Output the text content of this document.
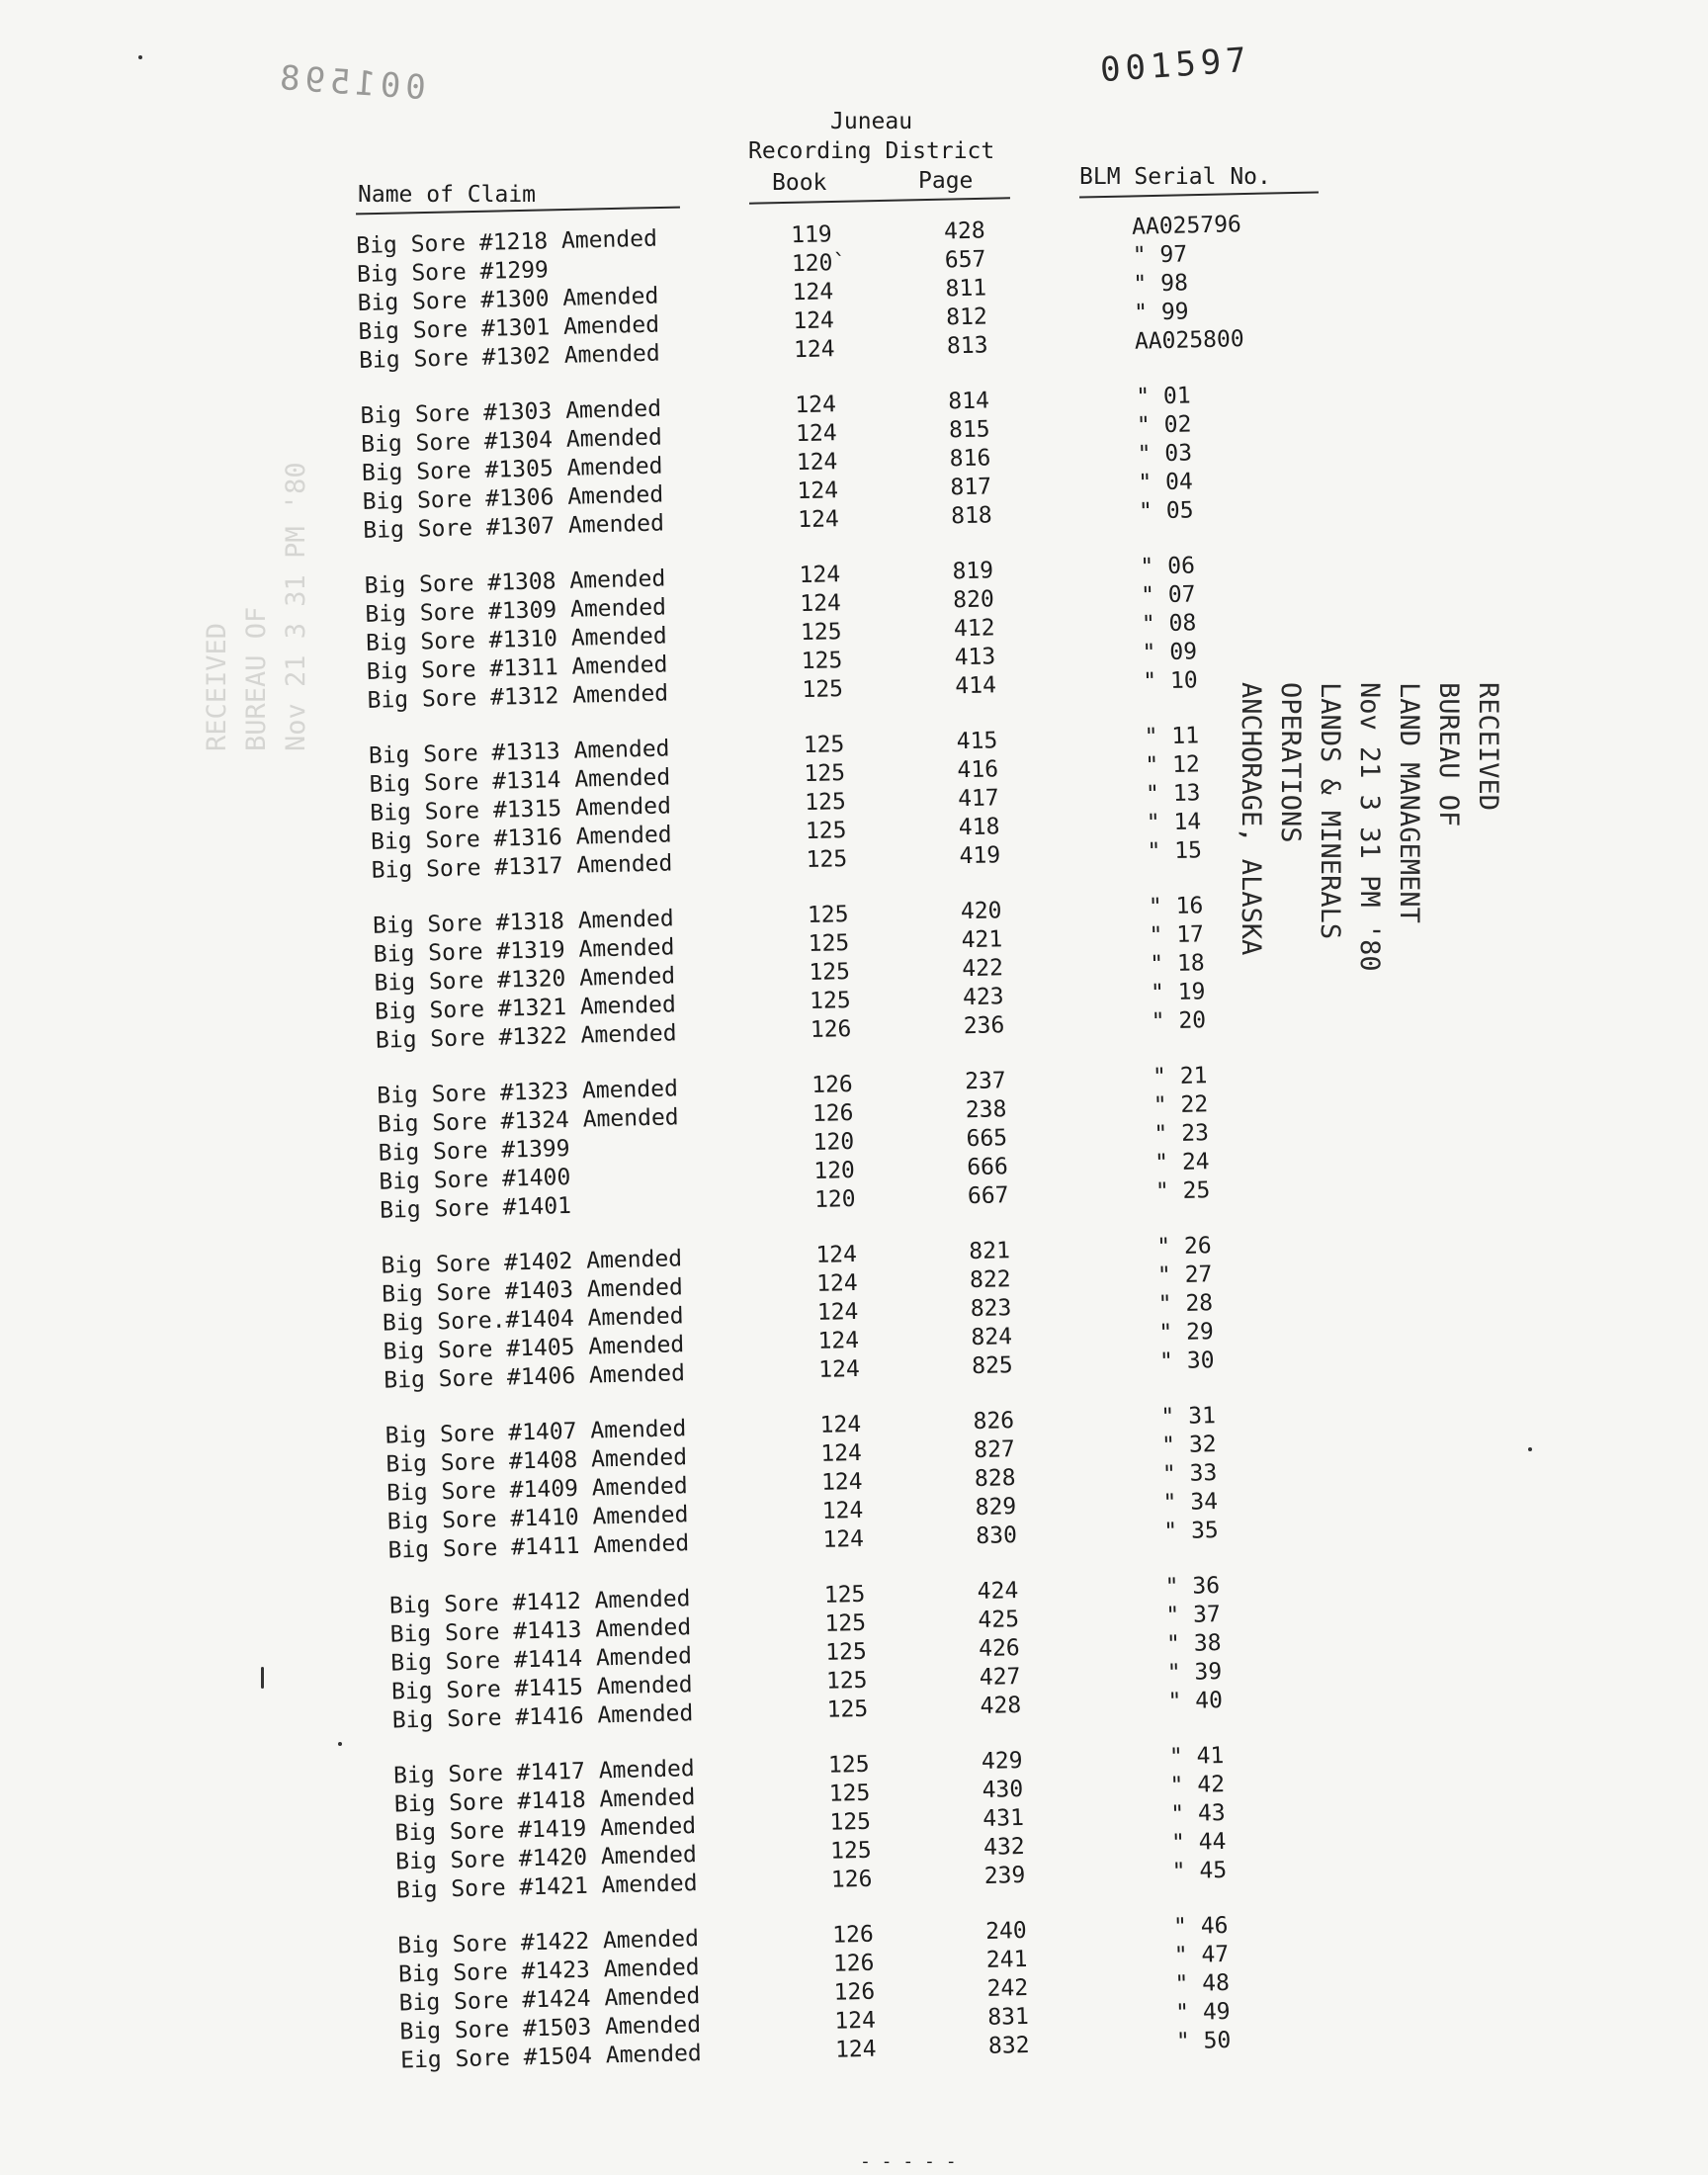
001598	001597
Juneau
Recording District
Name of Claim	Book	Page	BLM Serial No.
Big Sore #1218 Amended	119	428	AA025796
Big Sore #1299	120`	657	" 97
Big Sore #1300 Amended	124	811	" 98
Big Sore #1301 Amended	124	812	" 99
Big Sore #1302 Amended	124	813	AA025800
Big Sore #1303 Amended	124	814	" 01
Big Sore #1304 Amended	124	815	" 02
Big Sore #1305 Amended	124	816	" 03
Big Sore #1306 Amended	124	817	" 04
Big Sore #1307 Amended	124	818	" 05
Big Sore #1308 Amended	124	819	" 06
Big Sore #1309 Amended	124	820	" 07
Big Sore #1310 Amended	125	412	" 08
Big Sore #1311 Amended	125	413	" 09
Big Sore #1312 Amended	125	414	" 10
Big Sore #1313 Amended	125	415	" 11
Big Sore #1314 Amended	125	416	" 12
Big Sore #1315 Amended	125	417	" 13
Big Sore #1316 Amended	125	418	" 14
Big Sore #1317 Amended	125	419	" 15
Big Sore #1318 Amended	125	420	" 16
Big Sore #1319 Amended	125	421	" 17
Big Sore #1320 Amended	125	422	" 18
Big Sore #1321 Amended	125	423	" 19
Big Sore #1322 Amended	126	236	" 20
Big Sore #1323 Amended	126	237	" 21
Big Sore #1324 Amended	126	238	" 22
Big Sore #1399	120	665	" 23
Big Sore #1400	120	666	" 24
Big Sore #1401	120	667	" 25
Big Sore #1402 Amended	124	821	" 26
Big Sore #1403 Amended	124	822	" 27
Big Sore.#1404 Amended	124	823	" 28
Big Sore #1405 Amended	124	824	" 29
Big Sore #1406 Amended	124	825	" 30
Big Sore #1407 Amended	124	826	" 31
Big Sore #1408 Amended	124	827	" 32
Big Sore #1409 Amended	124	828	" 33
Big Sore #1410 Amended	124	829	" 34
Big Sore #1411 Amended	124	830	" 35
Big Sore #1412 Amended	125	424	" 36
Big Sore #1413 Amended	125	425	" 37
Big Sore #1414 Amended	125	426	" 38
Big Sore #1415 Amended	125	427	" 39
Big Sore #1416 Amended	125	428	" 40
Big Sore #1417 Amended	125	429	" 41
Big Sore #1418 Amended	125	430	" 42
Big Sore #1419 Amended	125	431	" 43
Big Sore #1420 Amended	125	432	" 44
Big Sore #1421 Amended	126	239	" 45
Big Sore #1422 Amended	126	240	" 46
Big Sore #1423 Amended	126	241	" 47
Big Sore #1424 Amended	126	242	" 48
Big Sore #1503 Amended	124	831	" 49
Eig Sore #1504 Amended	124	832	" 50
RECEIVED
BUREAU OF
LAND MANAGEMENT
Nov 21 3 31 PM '80
LANDS & MINERALS
OPERATIONS
ANCHORAGE, ALASKA
RECEIVED BUREAU OF Nov 21 3 31 PM '80
- - - - -
